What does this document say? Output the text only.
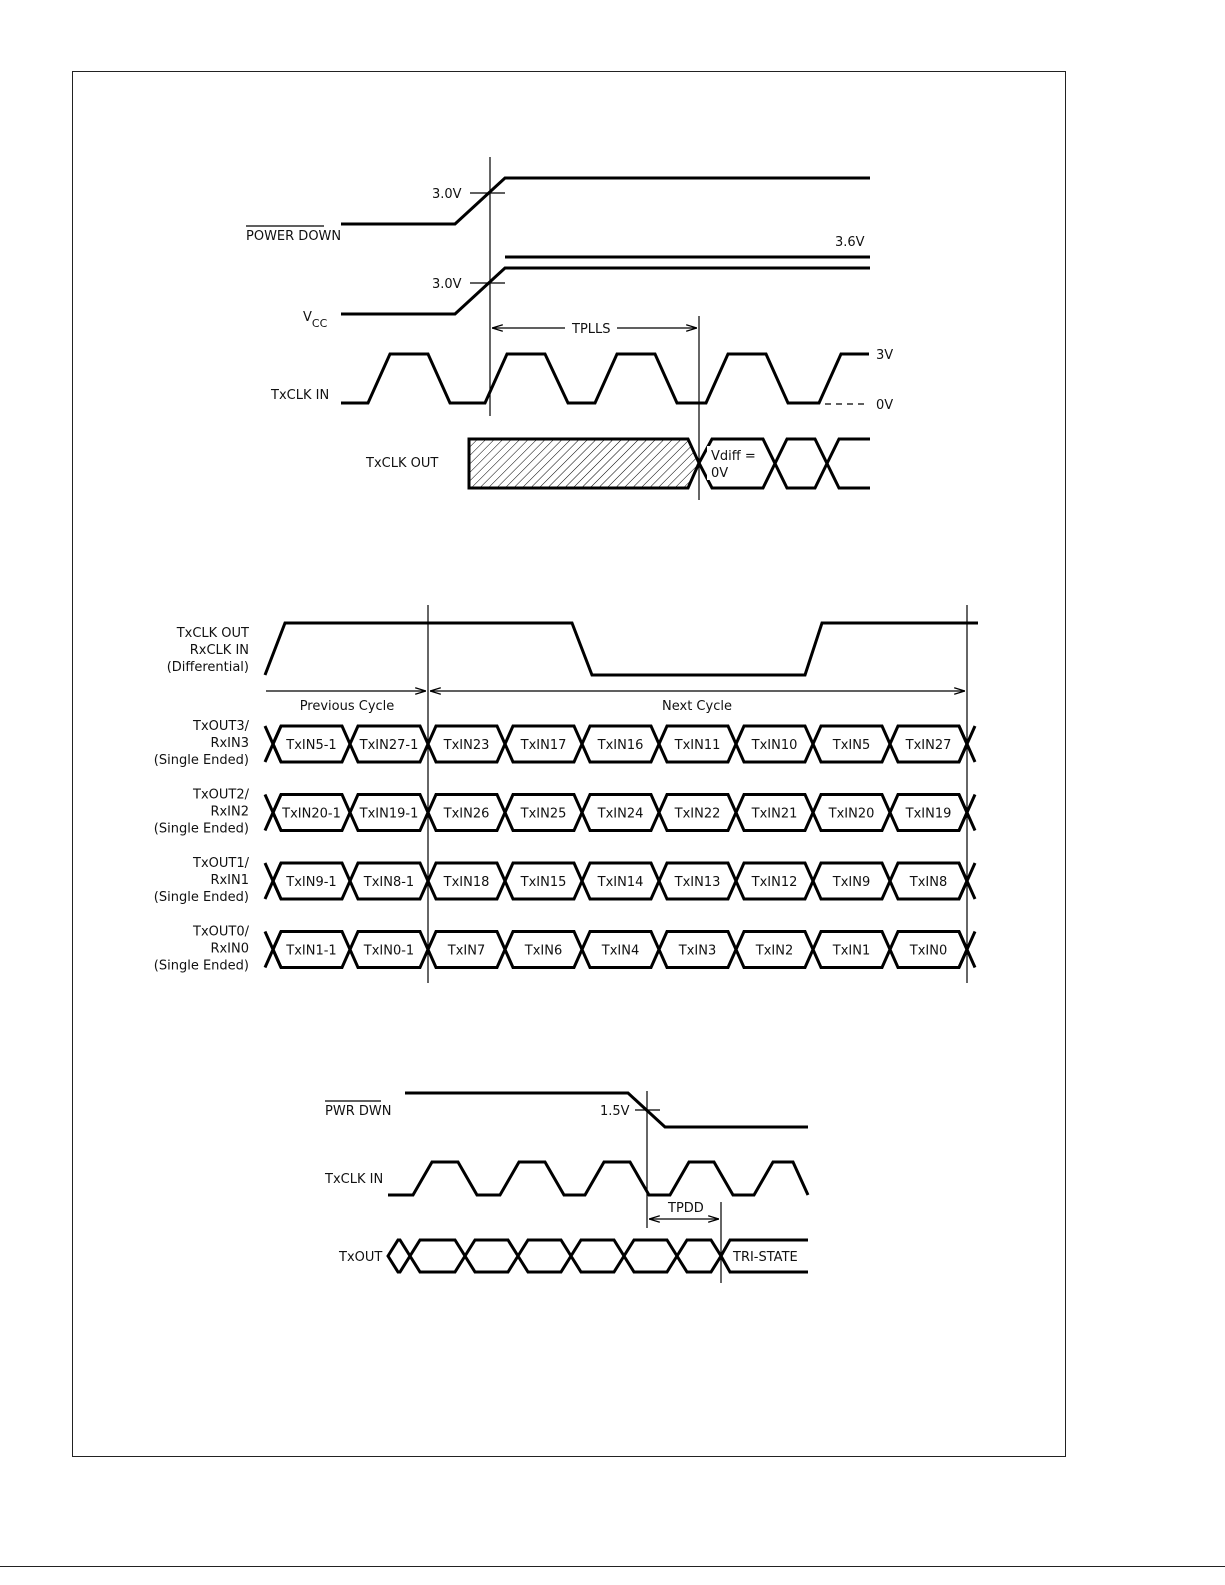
3.0V
POWER DOWN	3.6V
3.0V
$V_{CC}$	TPLLS
3V
0V
TxCLK IN
Vdiff =
0V
TxCLK OUT
TxCLK OUT
RxCLK IN
(Differential)
Previous Cycle	Next Cycle
TxIN5-1 TxIN27-1 TxIN23 TxIN17 TxIN16 TxIN11 TxIN10	TxIN5	TxIN27
TxOUT3/
RxIN3
(Single Ended)
TxIN20-1 TxIN19-1 TxIN26 TxIN25 TxIN24 TxIN22 TxIN21 TxIN20 TxIN19
TxOUT2/
RxIN2
(Single Ended)
TxIN9-1 TxIN8-1 TxIN18 TxIN15 TxIN14 TxIN13 TxIN12	TxIN9	TxIN8
TxOUT1/
RxIN1
(Single Ended)
TxIN1-1 TxIN0-1	TxIN7	TxIN6	TxIN4	TxIN3	TxIN2	TxIN1	TxIN0
TxOUT0/
RxIN0
(Single Ended)
1.5V
PWR DWN
TxCLK IN
TPDD
TRI-STATE
TxOUT
